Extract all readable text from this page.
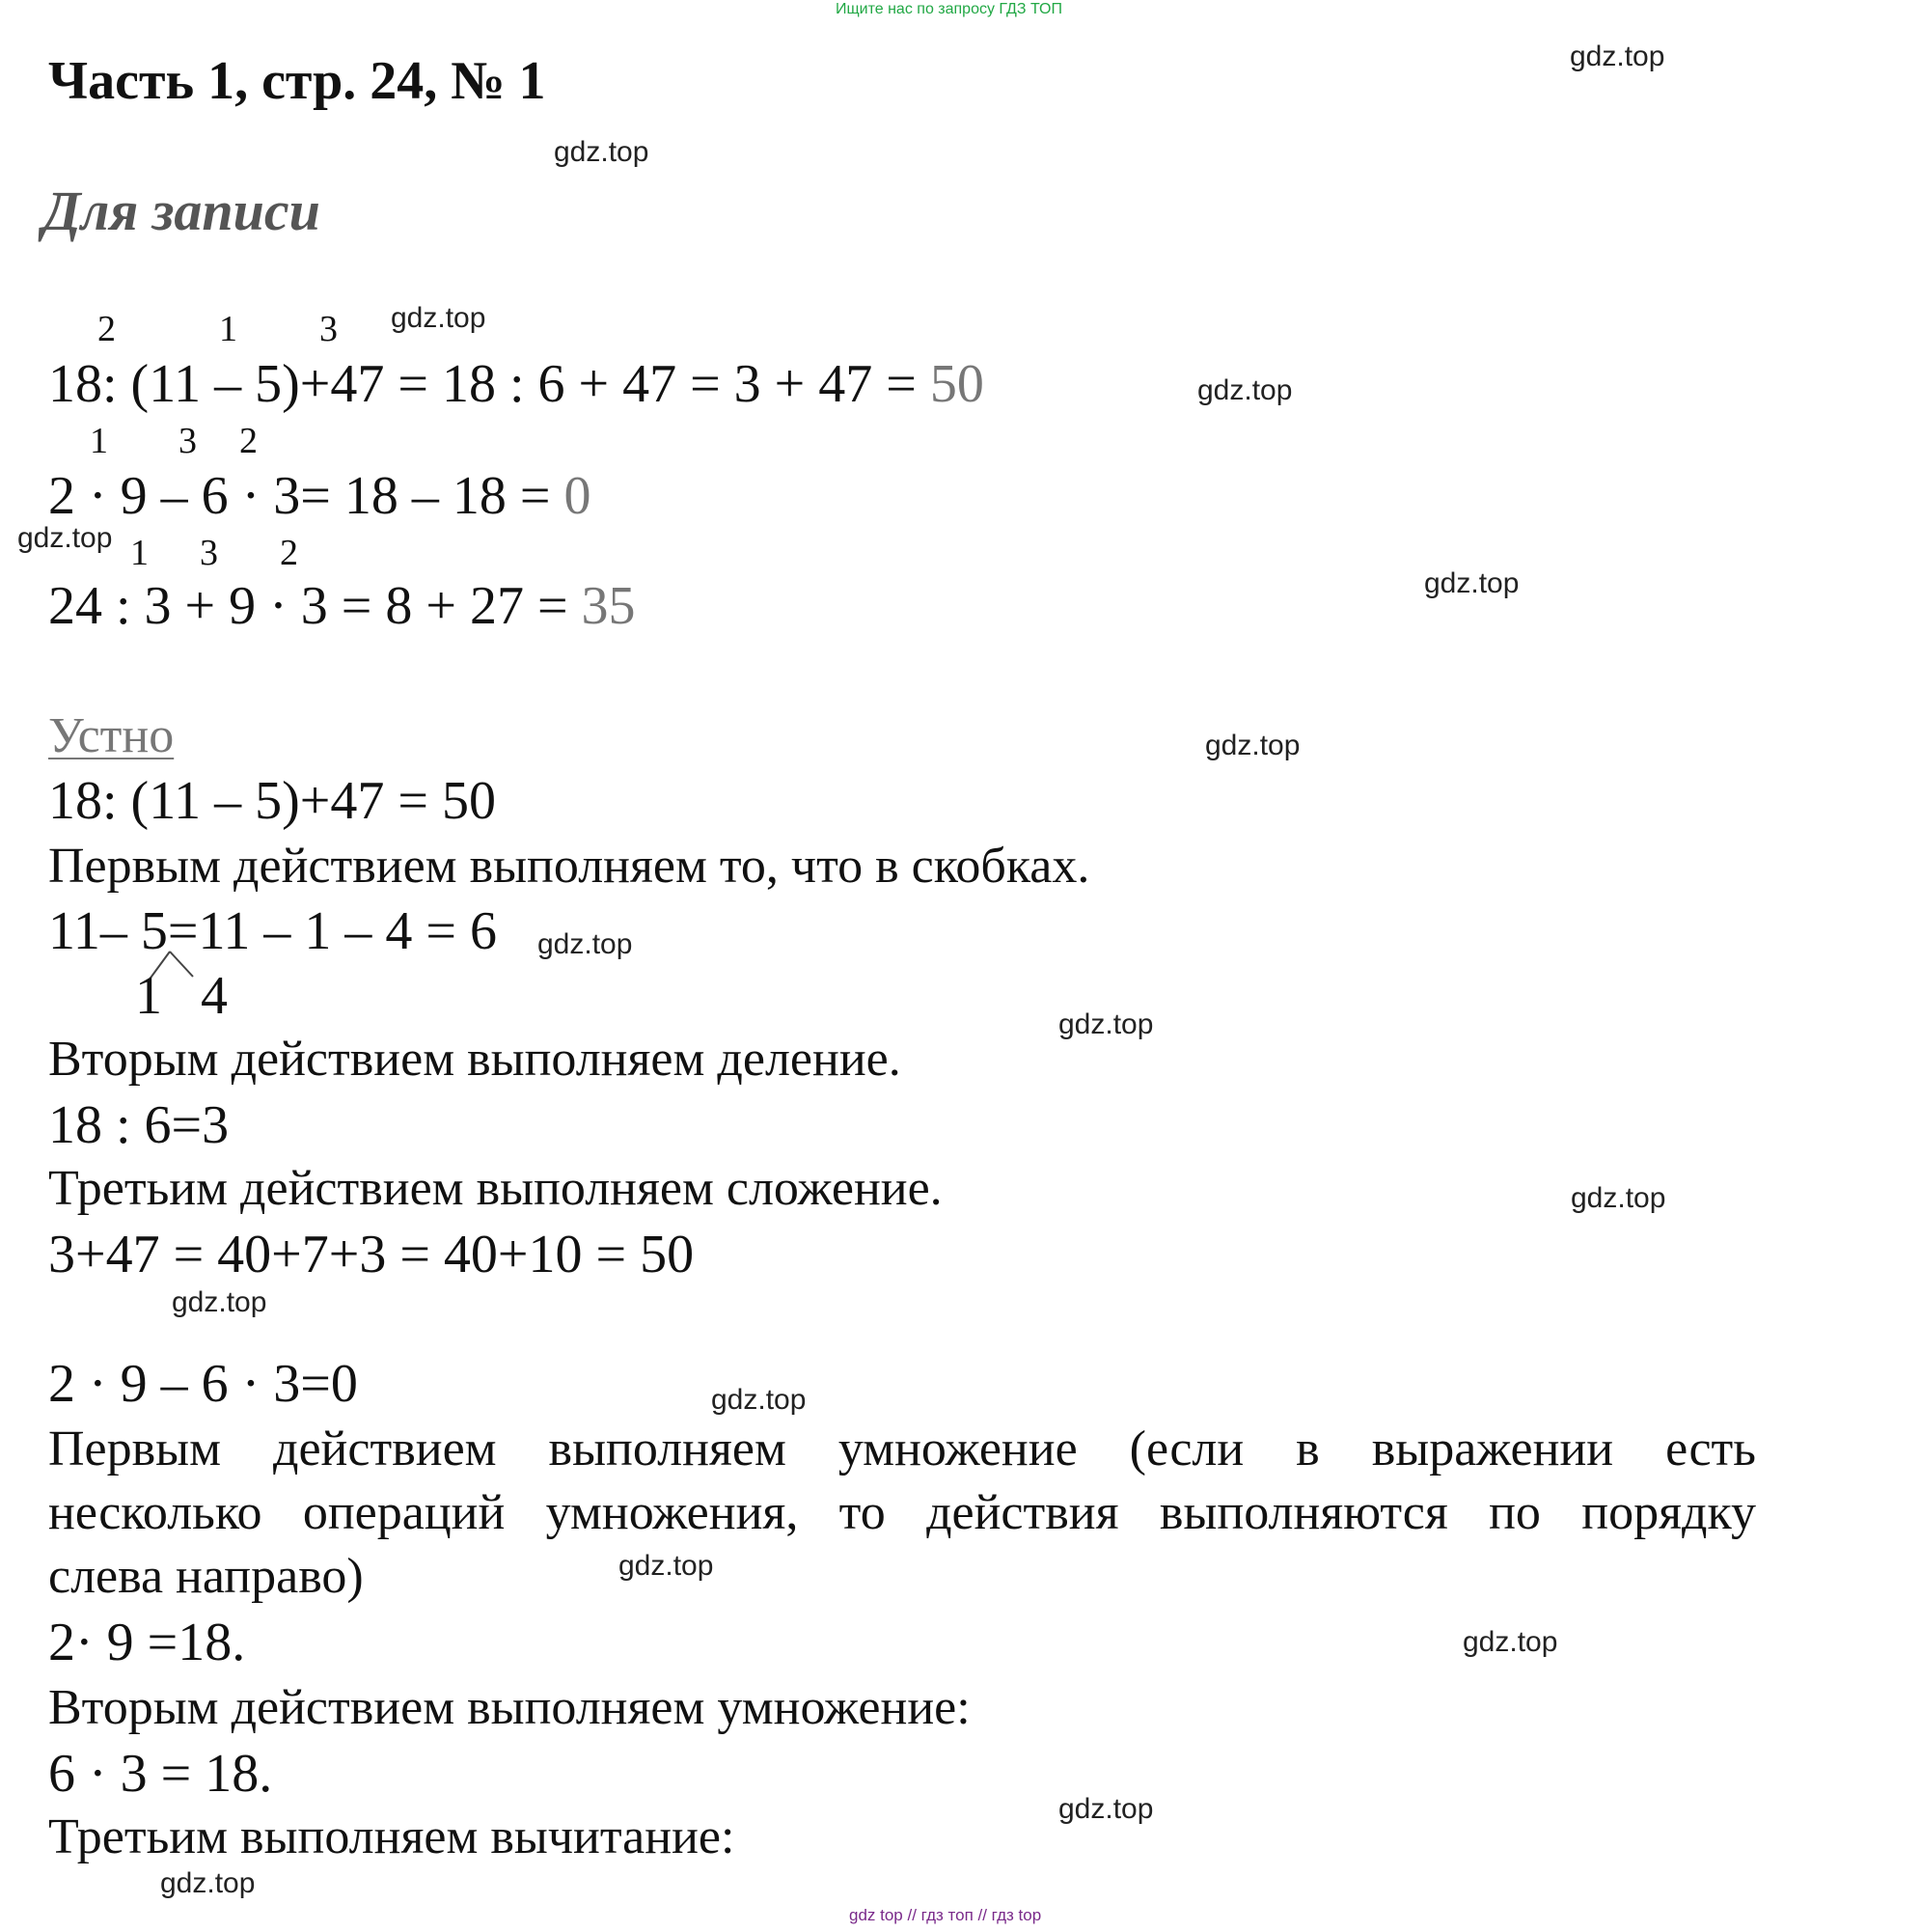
Ищите нас по запросу ГДЗ ТОП
Часть 1, стр. 24, № 1	gdz.top
gdz.top
gdz.top
gdz.top
gdz.top
gdz.top
gdz.top
gdz.top
gdz.top
gdz.top
gdz.top
gdz.top
gdz.top
gdz.top
gdz.top
gdz.top
Для записи
2	1 3
18: (11 – 5)+47 = 18 : 6 + 47 = 3 + 47 = 50
1 3 2
2 · 9 – 6 · 3= 18 – 18 = 0
1 3 2
24 : 3 + 9 · 3 = 8 + 27 = 35
Устно
18: (11 – 5)+47 = 50
Первым действием выполняем то, что в скобках.
11– 5=11 – 1 – 4 = 6
1 4
Вторым действием выполняем деление.
18 : 6=3
Третьим действием выполняем сложение.
3+47 = 40+7+3 = 40+10 = 50
2 · 9 – 6 · 3=0
Первым действием выполняем умножение (если в выражении есть
несколько операций умножения, то действия выполняются по порядку
слева направо)
2· 9 =18.
Вторым действием выполняем умножение:
6 · 3 = 18.
Третьим выполняем вычитание:
gdz top // гдз топ // гдз top
